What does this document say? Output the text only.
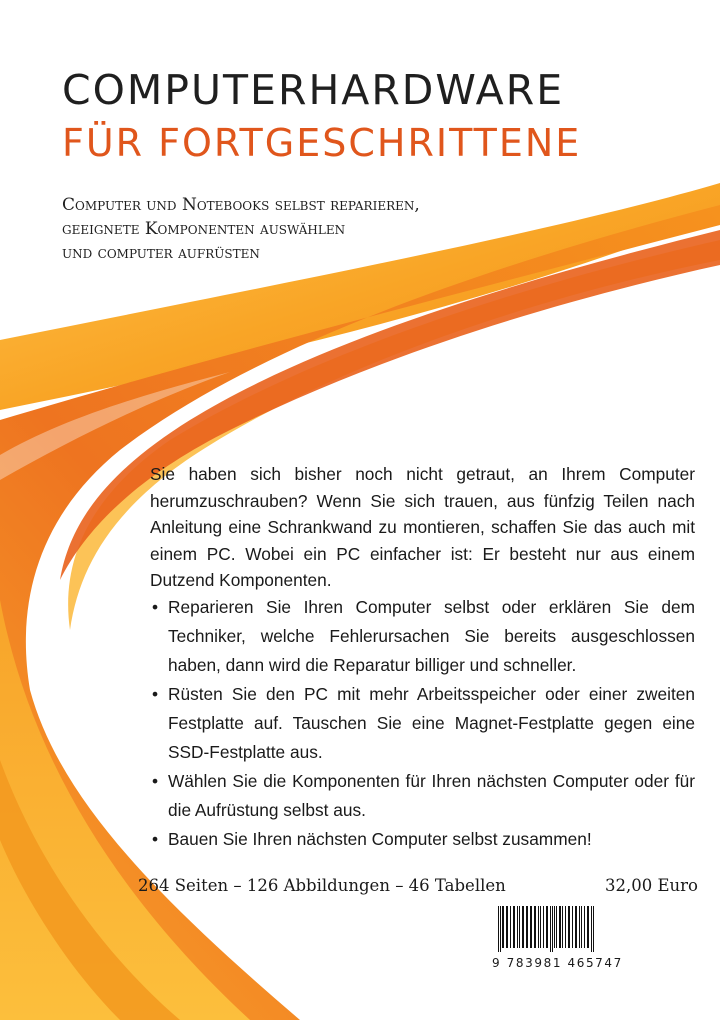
COMPUTERHARDWARE
FÜR FORTGESCHRITTENE
Computer und Notebooks selbst reparieren,
geeignete Komponenten auswählen
und computer aufrüsten

Sie haben sich bisher noch nicht getraut, an Ihrem Computer herumzuschrauben? Wenn Sie sich trauen, aus fünfzig Teilen nach Anleitung eine Schrankwand zu montieren, schaffen Sie das auch mit einem PC. Wobei ein PC einfacher ist: Er besteht nur aus einem Dutzend Komponenten.

• Reparieren Sie Ihren Computer selbst oder erklären Sie dem Techniker, welche Fehlerursachen Sie bereits ausgeschlossen haben, dann wird die Reparatur billiger und schneller.
• Rüsten Sie den PC mit mehr Arbeitsspeicher oder einer zweiten Festplatte auf. Tauschen Sie eine Magnet-Festplatte gegen eine SSD-Festplatte aus.
• Wählen Sie die Komponenten für Ihren nächsten Computer oder für die Aufrüstung selbst aus.
• Bauen Sie Ihren nächsten Computer selbst zusammen!
264 Seiten – 126 Abbildungen – 46 Tabellen	32,00 Euro
9 783981 465747
